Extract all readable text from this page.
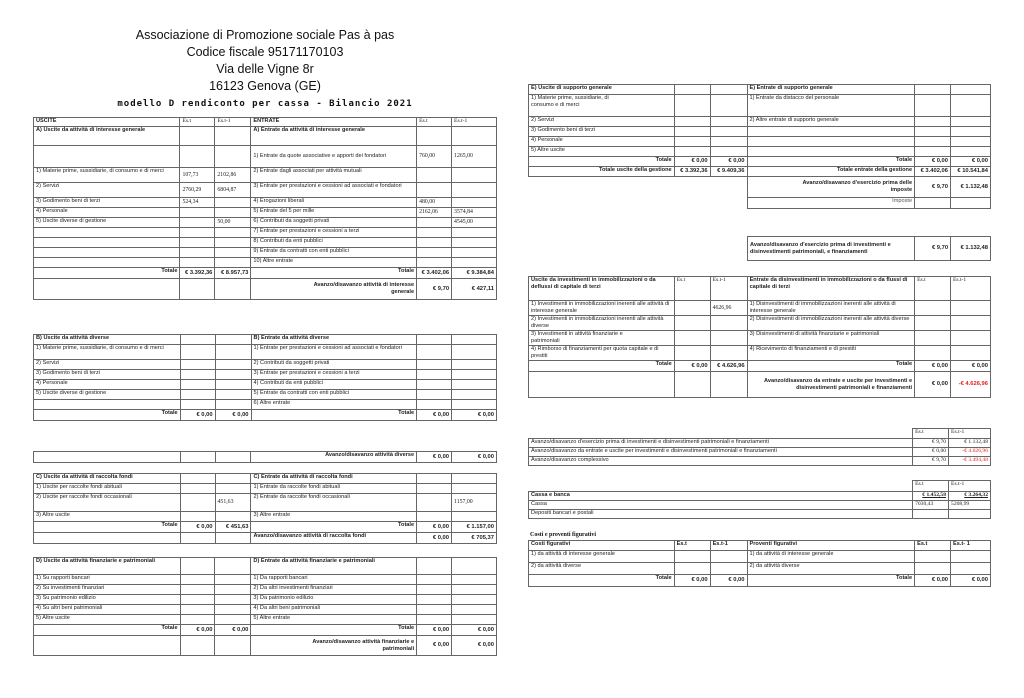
Associazione di Promozione sociale Pas à pas
Codice fiscale 95171170103
Via delle Vigne 8r
16123 Genova (GE)
modello D rendiconto per cassa - Bilancio 2021
USCITE	Es.t	Es.t-1	ENTRATE	Es.t	Es.t-1
A) Uscite da attività di interesse generale			A) Entrate da attività di interesse generale		
			1) Entrate da quote associative e apporti dei fondatori	760,00	1265,00
1) Materie prime, sussidiarie, di consumo e di merci	107,73	2102,86	2) Entrate dagli associati per attività mutuali		
2) Servizi	2760,29	6804,87	3) Entrate per prestazioni e cessioni ad associati e fondatori		
3) Godimento beni di terzi	524,34		4) Erogazioni liberali	480,00	
4) Personale			5) Entrate del 5 per mille	2162,06	3574,84
5) Uscite diverse di gestione		50,00	6) Contributi da soggetti privati		4545,00
			7) Entrate per prestazioni e cessioni a terzi		
			8) Contributi da enti pubblici		
			9) Entrate da contratti con enti pubblici		
			10) Altre entrate		
Totale	€ 3.392,36	€ 8.957,73	Totale	€ 3.402,06	€ 9.384,84
			Avanzo/disavanzo attività di interesse generale	€ 9,70	€ 427,11
B) Uscite da attività diverse			B) Entrate da attività diverse		
1) Materie prime, sussidiarie, di consumo e di merci			1) Entrate per prestazioni e cessioni ad associati e fondatori		
2) Servizi			2) Contributi da soggetti privati		
3) Godimento beni di terzi			3) Entrate per prestazioni e cessioni a terzi		
4) Personale			4) Contributi da enti pubblici		
5) Uscite diverse di gestione			5) Entrate da contratti con enti pubblici		
			6) Altre entrate		
Totale	€ 0,00	€ 0,00	Totale	€ 0,00	€ 0,00
			Avanzo/disavanzo attività diverse	€ 0,00	€ 0,00
C) Uscite da attività di raccolta fondi			C) Entrate da attività di raccolta fondi		
1) Uscite per raccolte fondi abituali			1) Entrate da raccolte fondi abituali		
2) Uscite per raccolte fondi occasionali		451,63	2) Entrate da raccolte fondi occasionali		1157,00
3) Altre uscite			3) Altre entrate		
Totale	€ 0,00	€ 451,63	Totale	€ 0,00	€ 1.157,00
			Avanzo/disavanzo attività di raccolta fondi	€ 0,00	€ 705,37
D) Uscite da attività finanziarie e patrimoniali			D) Entrate da attività finanziarie e patrimoniali		
1) Su rapporti bancari			1) Da rapporti bancari		
2) Su investimenti finanziari			2) Da altri investimenti finanziari		
3) Su patrimonio edilizio			3) Da patrimonio edilizio		
4) Su altri beni patrimoniali			4) Da altri beni patrimoniali		
5) Altre uscite			5) Altre entrate		
Totale	€ 0,00	€ 0,00	Totale	€ 0,00	€ 0,00
			Avanzo/disavanzo attività finanziarie e patrimoniali	€ 0,00	€ 0,00
E) Uscite di supporto generale			E) Entrate di supporto generale		
1) Materie prime, sussidiarie, di consumo e di merci			1) Entrate da distacco del personale		
2) Servizi			2) Altre entrate di supporto generale		
3) Godimento beni di terzi					
4) Personale					
5) Altre uscite					
Totale	€ 0,00	€ 0,00	Totale	€ 0,00	€ 0,00
Totale uscite della gestione	€ 3.392,36	€ 9.409,36	Totale entrate della gestione	€ 3.402,06	€ 10.541,84
			Avanzo/disavanzo d'esercizio prima delle imposte	€ 9,70	€ 1.132,48
			Imposte		
Avanzo/disavanzo d'esercizio prima di investimenti e disinvestimenti patrimoniali, e finanziamenti	€ 9,70	€ 1.132,48
Uscite da investimenti in immobilizzazioni o da deflussi di capitale di terzi	Es.t	Es.t-1	Entrate da disinvestimenti in immobilizzazioni o da flussi di capitale di terzi	Es.t	Es.t-1
1) Investimenti in immobilizzazioni inerenti alle attività di interesse generale		4626,96	1) Disinvestimenti di immobilizzazioni inerenti alle attività di interesse generale		
2) Investimenti in immobilizzazioni inerenti alle attività diverse			2) Disinvestimenti di immobilizzazioni inerenti alle attività diverse		
3) Investimenti in attività finanziarie e patrimoniali			3) Disinvestimenti di attività finanziarie e patrimoniali		
4) Rimborso di finanziamenti per quota capitale e di prestiti			4) Ricevimento di finanziamenti e di prestiti		
Totale	€ 0,00	€ 4.626,96	Totale	€ 0,00	€ 0,00
			Avanzo/disavanzo da entrate e uscite per investimenti e disinvestimenti patrimoniali e finanziamenti	€ 0,00	-€ 4.626,96
	Es.t	Es.t-1
Avanzo/disavanzo d'esercizio prima di investimenti e disinvestimenti patrimoniali e finanziamenti	€ 9,70	€ 1.132,48
Avanzo/disavanzo da entrate e uscite per investimenti e disinvestimenti patrimoniali e finanziamenti	€ 0,00	-€ 4.626,96
Avanzo/disavanzo complessivo	€ 9,70	-€ 3.494,48
	Es.t	Es.t-1
Cassa e banca	€ 1.452,58	€ 3.264,32
Cassa	7030,43	5208,99
Depositi bancari e postali		
Costi e proventi figurativi
Costi figurativi	Es.t	Es.t-1	Proventi figurativi	Es.t	Es.t- 1
1) da attività di interesse generale			1) da attività di interesse generale		
2) da attività diverse			2) da attività diverse		
Totale	€ 0,00	€ 0,00	Totale	€ 0,00	€ 0,00
